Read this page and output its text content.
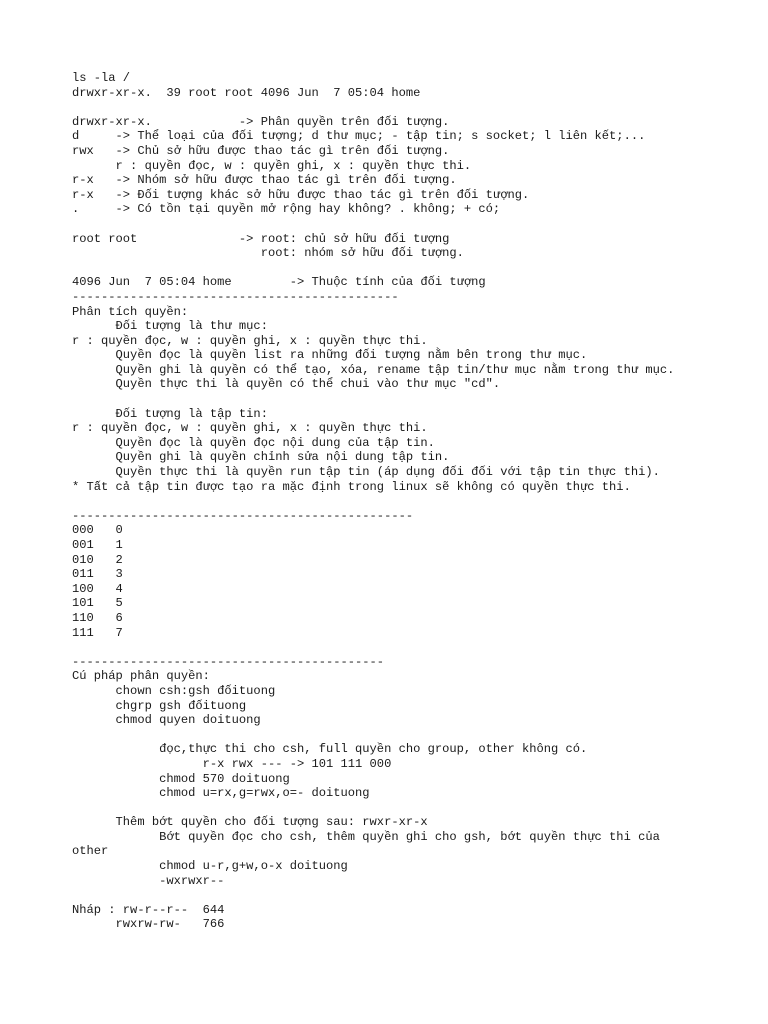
ls -la /
drwxr-xr-x.  39 root root 4096 Jun  7 05:04 home
drwxr-xr-x.            -> Phân quyền trên đối tượng.
d     -> Thể loại của đối tượng; d thư mục; - tập tin; s socket; l liên kết;...
rwx   -> Chủ sở hữu được thao tác gì trên đối tượng.
r : quyền đọc, w : quyền ghi, x : quyền thực thi.
r-x   -> Nhóm sở hữu được thao tác gì trên đối tượng.
r-x   -> Đối tượng khác sở hữu được thao tác gì trên đối tượng.
.     -> Có tồn tại quyền mở rộng hay không? . không; + có;
root root              -> root: chủ sở hữu đối tượng
root: nhóm sở hữu đối tượng.
4096 Jun  7 05:04 home        -> Thuộc tính của đối tượng
---------------------------------------------
Phân tích quyền:
Đối tượng là thư mục:
r : quyền đọc, w : quyền ghi, x : quyền thực thi.
Quyền đọc là quyền list ra những đối tượng nằm bên trong thư mục.
Quyền ghi là quyền có thể tạo, xóa, rename tập tin/thư mục nằm trong thư mục.
Quyền thực thi là quyền có thể chui vào thư mục "cd".
Đối tượng là tập tin:
r : quyền đọc, w : quyền ghi, x : quyền thực thi.
Quyền đọc là quyền đọc nội dung của tập tin.
Quyền ghi là quyền chỉnh sửa nội dung tập tin.
Quyền thực thi là quyền run tập tin (áp dụng đối đối với tập tin thực thi).
* Tất cả tập tin được tạo ra mặc định trong linux sẽ không có quyền thực thi.
-----------------------------------------------
000   0
001   1
010   2
011   3
100   4
101   5
110   6
111   7
-------------------------------------------
Cú pháp phân quyền:
chown csh:gsh đốituong
chgrp gsh đốituong
chmod quyen doituong
đọc,thực thi cho csh, full quyền cho group, other không có.
r-x rwx --- -> 101 111 000
chmod 570 doituong
chmod u=rx,g=rwx,o=- doituong
Thêm bớt quyền cho đối tượng sau: rwxr-xr-x
Bớt quyền đọc cho csh, thêm quyền ghi cho gsh, bớt quyền thực thi của
other
chmod u-r,g+w,o-x doituong
-wxrwxr--
Nháp : rw-r--r--  644
rwxrw-rw-   766
